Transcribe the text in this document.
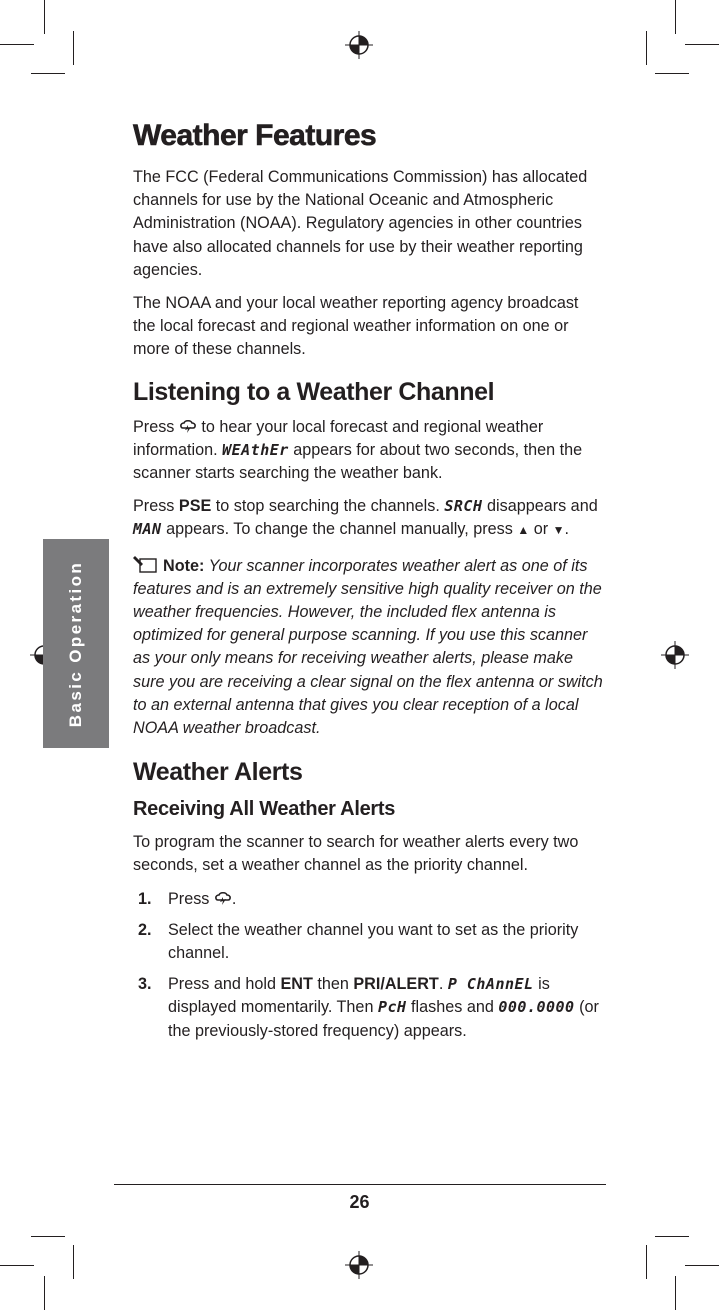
Basic Operation
Weather Features

The FCC (Federal Communications Commission) has allocated channels for use by the National Oceanic and Atmospheric Administration (NOAA). Regulatory agencies in other countries have also allocated channels for use by their weather reporting agencies.

The NOAA and your local weather reporting agency broadcast the local forecast and regional weather information on one or more of these channels.

Listening to a Weather Channel

Press  to hear your local forecast and regional weather information. WEAthEr appears for about two seconds, then the scanner starts searching the weather bank.

Press PSE to stop searching the channels. SRCH disappears and MAN appears. To change the channel manually, press ▲ or ▼.

Note: Your scanner incorporates weather alert as one of its features and is an extremely sensitive high quality receiver on the weather frequencies. However, the included flex antenna is optimized for general purpose scanning. If you use this scanner as your only means for receiving weather alerts, please make sure you are receiving a clear signal on the flex antenna or switch to an external antenna that gives you clear reception of a local NOAA weather broadcast.
Weather Alerts
Receiving All Weather Alerts

To program the scanner to search for weather alerts every two seconds, set a weather channel as the priority channel.

1. Press .
2. Select the weather channel you want to set as the priority channel.
3. Press and hold ENT then PRI/ALERT. P ChAnnEL is displayed momentarily. Then PcH flashes and 000.0000 (or the previously-stored frequency) appears.
26
